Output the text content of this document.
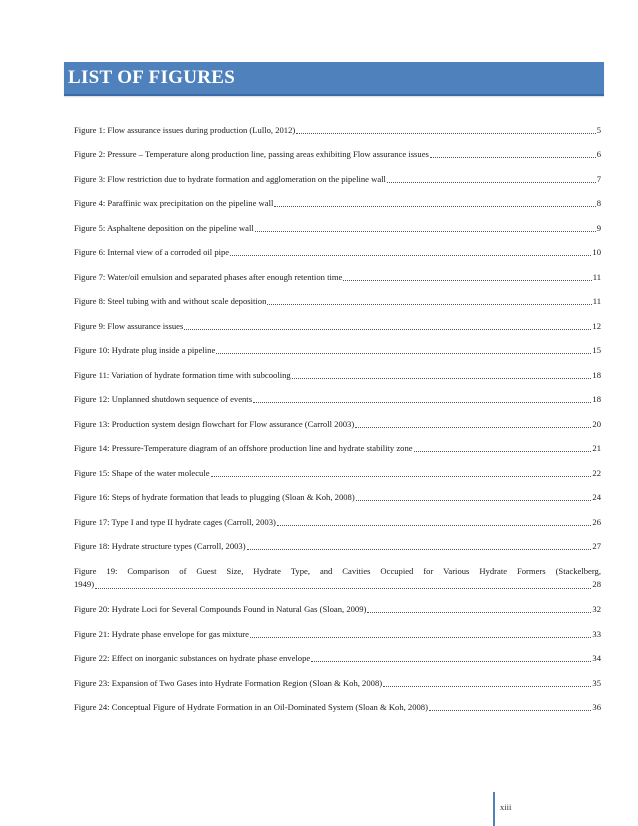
LIST OF FIGURES
Figure 1: Flow assurance issues during production (Lullo, 2012)	5
Figure 2: Pressure – Temperature along production line, passing areas exhibiting Flow assurance issues	6
Figure 3: Flow restriction due to hydrate formation and agglomeration on the pipeline wall	7
Figure 4: Paraffinic wax precipitation on the pipeline wall	8
Figure 5: Asphaltene deposition on the pipeline wall	9
Figure 6: Internal view of a corroded oil pipe	10
Figure 7: Water/oil emulsion and separated phases after enough retention time	11
Figure 8: Steel tubing with and without scale deposition	11
Figure 9: Flow assurance issues	12
Figure 10: Hydrate plug inside a pipeline	15
Figure 11: Variation of hydrate formation time with subcooling	18
Figure 12: Unplanned shutdown sequence of events	18
Figure 13: Production system design flowchart for Flow assurance (Carroll 2003)	20
Figure 14: Pressure-Temperature diagram of an offshore production line and hydrate stability zone	21
Figure 15: Shape of the water molecule	22
Figure 16: Steps of hydrate formation that leads to plugging (Sloan & Koh, 2008)	24
Figure 17: Type I and type II hydrate cages (Carroll, 2003)	26
Figure 18: Hydrate structure types (Carroll, 2003)	27
Figure 19: Comparison of Guest Size, Hydrate Type, and Cavities Occupied for Various Hydrate Formers (Stackelberg,
1949)	28
Figure 20: Hydrate Loci for Several Compounds Found in Natural Gas (Sloan, 2009)	32
Figure 21: Hydrate phase envelope for gas mixture	33
Figure 22: Effect on inorganic substances on hydrate phase envelope	34
Figure 23: Expansion of Two Gases into Hydrate Formation Region (Sloan & Koh, 2008)	35
Figure 24: Conceptual Figure of Hydrate Formation in an Oil-Dominated System (Sloan & Koh, 2008)	36
xiii
